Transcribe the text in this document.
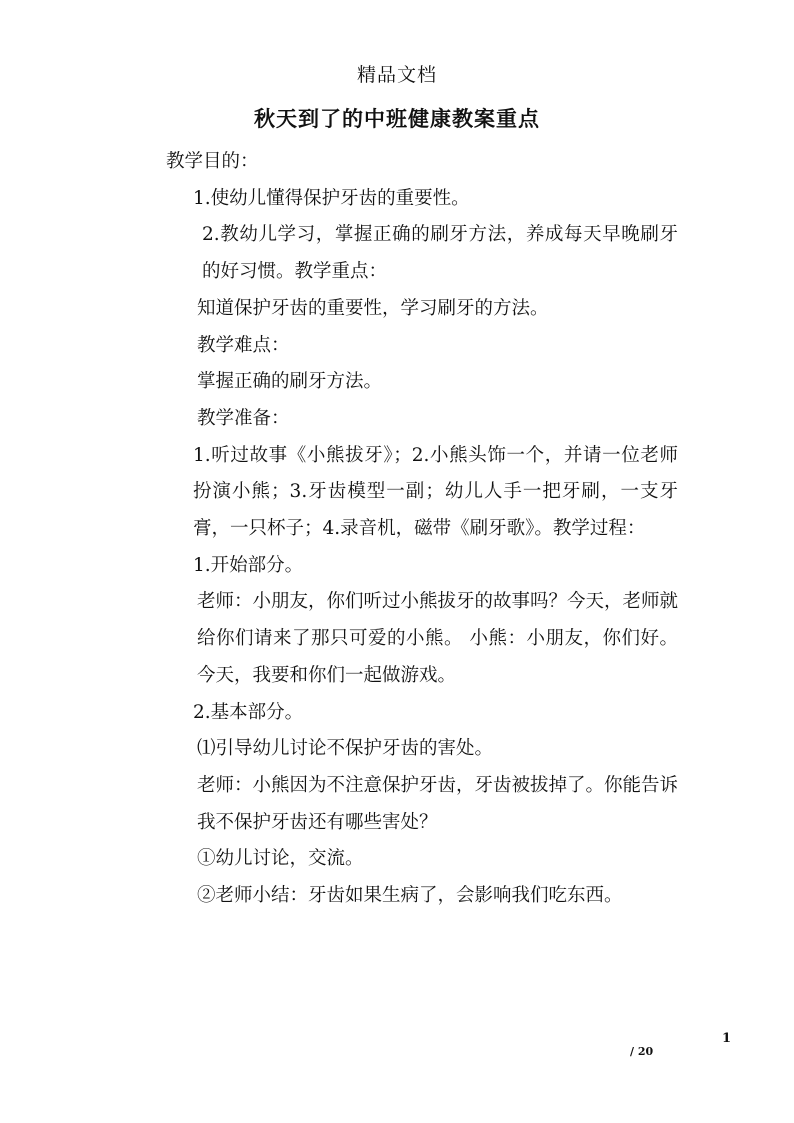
精品文档
秋天到了的中班健康教案重点

教学目的：

1.使幼儿懂得保护牙齿的重要性。

2.教幼儿学习，掌握正确的刷牙方法，养成每天早晚刷牙的好习惯。教学重点：

知道保护牙齿的重要性，学习刷牙的方法。

教学难点：

掌握正确的刷牙方法。

教学准备：

1.听过故事《小熊拔牙》；2.小熊头饰一个，并请一位老师扮演小熊；3.牙齿模型一副；幼儿人手一把牙刷，一支牙膏，一只杯子；4.录音机，磁带《刷牙歌》。教学过程：

1.开始部分。

老师：小朋友，你们听过小熊拔牙的故事吗？今天，老师就给你们请来了那只可爱的小熊。 小熊：小朋友，你们好。今天，我要和你们一起做游戏。

2.基本部分。

⑴引导幼儿讨论不保护牙齿的害处。

老师：小熊因为不注意保护牙齿，牙齿被拔掉了。你能告诉我不保护牙齿还有哪些害处？

①幼儿讨论，交流。

②老师小结：牙齿如果生病了，会影响我们吃东西。

1
/ 20
